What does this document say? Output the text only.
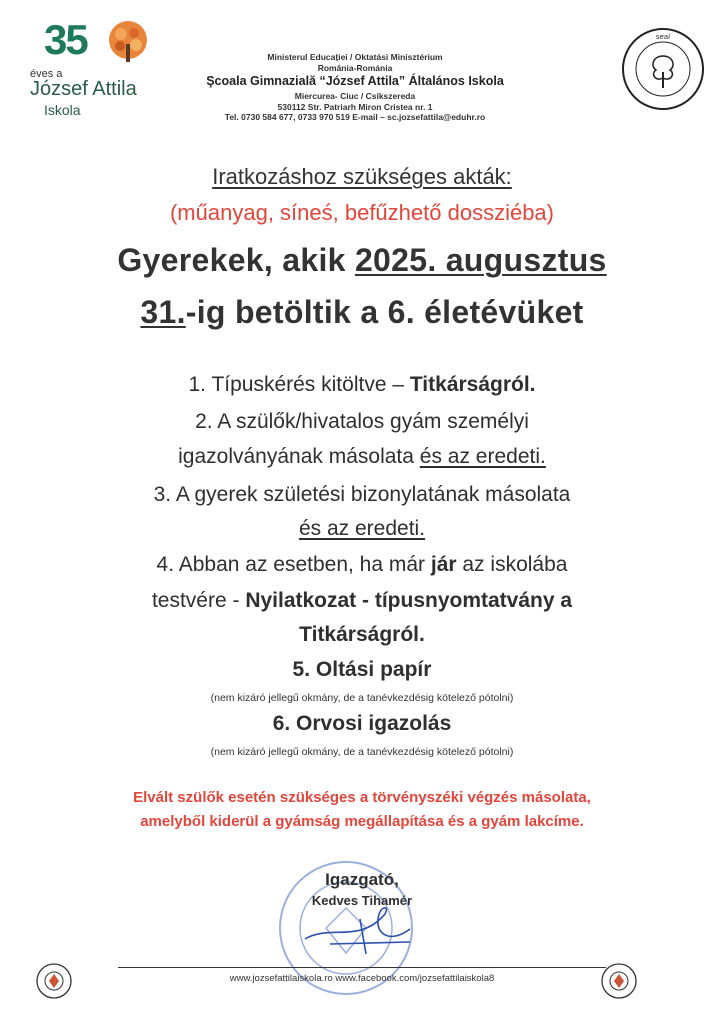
35
éves a
József Attila
Iskola
Ministerul Educației / Oktatási Minisztérium
România-Románia
Şcoala Gimnazială “József Attila” Általános Iskola
Miercurea- Ciuc / Csíkszereda
530112 Str. Patriarh Miron Cristea nr. 1
Tel. 0730 584 677, 0733 970 519 E-mail – sc.jozsefattila@eduhr.ro
seal
Iratkozáshoz szükséges akták:
(műanyag, síneś, befűzhető dossziéba)
Gyerekek, akik 2025. augusztus
31.-ig betöltik a 6. életévüket
1. Típuskérés kitöltve – Titkárságról.
2. A szülők/hivatalos gyám személyi
igazolványának másolata és az eredeti.
3. A gyerek születési bizonylatának másolata
és az eredeti.
4. Abban az esetben, ha már jár az iskolába
testvére - Nyilatkozat - típusnyomtatvány a
Titkárságról.
5. Oltási papír
(nem kizáró jellegű okmány, de a tanévkezdésig kötelező pótolni)
6. Orvosi igazolás
(nem kizáró jellegű okmány, de a tanévkezdésig kötelező pótolni)
Elvált szülők esetén szükséges a törvényszéki végzés másolata,
amelyből kiderül a gyámság megállapítása és a gyám lakcíme.
Igazgató,
Kedves Tihamér
www.jozsefattilaiskola.ro www.facebook.com/jozsefattilaiskola8
